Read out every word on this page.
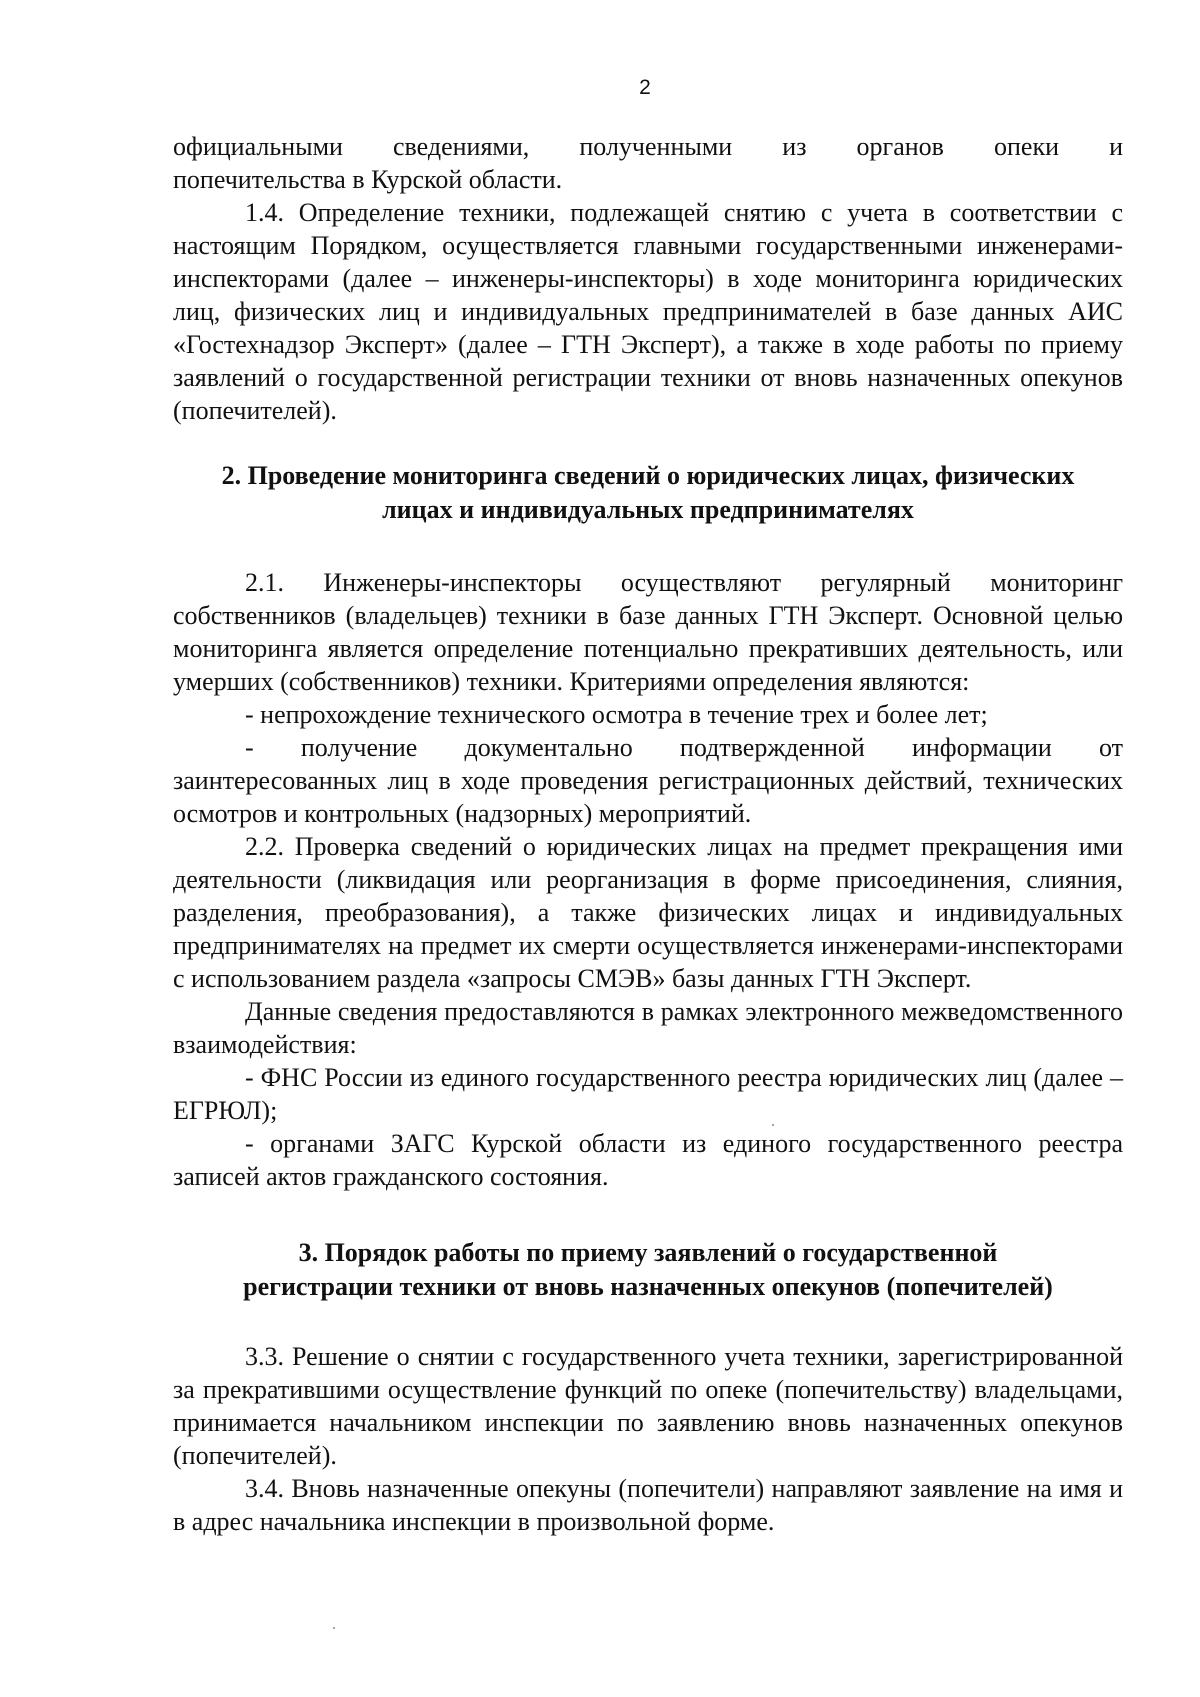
2

официальными сведениями, полученными из органов опеки и
попечительства в Курской области.

1.4. Определение техники, подлежащей снятию с учета в соответствии с настоящим Порядком, осуществляется главными государственными инженерами-инспекторами (далее – инженеры-инспекторы) в ходе мониторинга юридических лиц, физических лиц и индивидуальных предпринимателей в базе данных АИС «Гостехнадзор Эксперт» (далее – ГТН Эксперт), а также в ходе работы по приему заявлений о государственной регистрации техники от вновь назначенных опекунов (попечителей).

2. Проведение мониторинга сведений о юридических лицах, физических
лицах и индивидуальных предпринимателях

2.1. Инженеры-инспекторы осуществляют регулярный мониторинг собственников (владельцев) техники в базе данных ГТН Эксперт. Основной целью мониторинга является определение потенциально прекративших деятельность, или умерших (собственников) техники. Критериями определения являются:

- непрохождение технического осмотра в течение трех и более лет;

- получение документально подтвержденной информации от заинтересованных лиц в ходе проведения регистрационных действий, технических осмотров и контрольных (надзорных) мероприятий.

2.2. Проверка сведений о юридических лицах на предмет прекращения ими деятельности (ликвидация или реорганизация в форме присоединения, слияния, разделения, преобразования), а также физических лицах и индивидуальных предпринимателях на предмет их смерти осуществляется инженерами-инспекторами с использованием раздела «запросы СМЭВ» базы данных ГТН Эксперт.

Данные сведения предоставляются в рамках электронного межведомственного взаимодействия:

- ФНС России из единого государственного реестра юридических лиц (далее – ЕГРЮЛ);

- органами ЗАГС Курской области из единого государственного реестра записей актов гражданского состояния.

3. Порядок работы по приему заявлений о государственной
регистрации техники от вновь назначенных опекунов (попечителей)

3.3. Решение о снятии с государственного учета техники, зарегистрированной за прекратившими осуществление функций по опеке (попечительству) владельцами, принимается начальником инспекции по заявлению вновь назначенных опекунов (попечителей).

3.4. Вновь назначенные опекуны (попечители) направляют заявление на имя и в адрес начальника инспекции в произвольной форме.
